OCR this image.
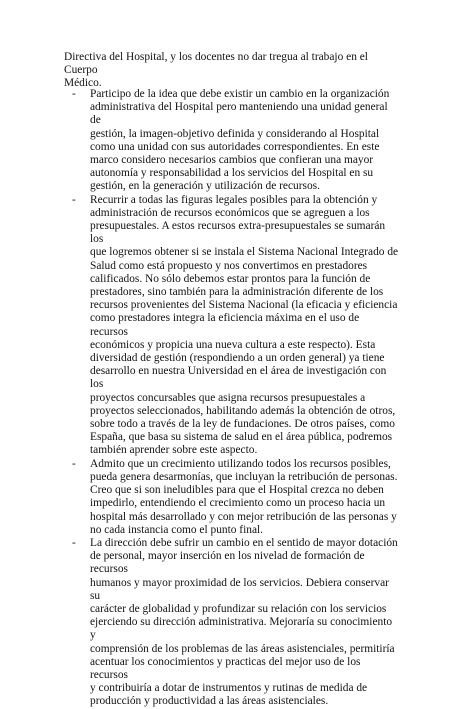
Directiva del Hospital, y los docentes no dar tregua al trabajo en el Cuerpo
Médico.

- Participo de la idea que debe existir un cambio en la organización
administrativa del Hospital pero manteniendo una unidad general de
gestión, la imagen-objetivo definida y considerando al Hospital
como una unidad con sus autoridades correspondientes. En este
marco considero necesarios cambios que confieran una mayor
autonomía y responsabilidad a los servicios del Hospital en su
gestión, en la generación y utilización de recursos.
- Recurrir a todas las figuras legales posibles para la obtención y
administración de recursos económicos que se agreguen a los
presupuestales. A estos recursos extra-presupuestales se sumarán los
que logremos obtener si se instala el Sistema Nacional Integrado de
Salud como está propuesto y nos convertimos en prestadores
calificados. No sólo debemos estar prontos para la función de
prestadores, sino también para la administración diferente de los
recursos provenientes del Sistema Nacional (la eficacia y eficiencia
como prestadores integra la eficiencia máxima en el uso de recursos
económicos y propicia una nueva cultura a este respecto). Esta
diversidad de gestión (respondiendo a un orden general) ya tiene
desarrollo en nuestra Universidad en el área de investigación con los
proyectos concursables que asigna recursos presupuestales a
proyectos seleccionados, habilitando además la obtención de otros,
sobre todo a través de la ley de fundaciones. De otros países, como
España, que basa su sistema de salud en el área pública, podremos
también aprender sobre este aspecto.
- Admito que un crecimiento utilizando todos los recursos posibles,
pueda genera desarmonías, que incluyan la retribución de personas.
Creo que si son ineludibles para que el Hospital crezca no deben
impedirlo, entendiendo el crecimiento como un proceso hacia un
hospital más desarrollado y con mejor retribución de las personas y
no cada instancia como el punto final.
- La dirección debe sufrir un cambio en el sentido de mayor dotación
de personal, mayor inserción en los nivelad de formación de recursos
humanos y mayor proximidad de los servicios. Debiera conservar su
carácter de globalidad y profundizar su relación con los servicios
ejerciendo su dirección administrativa. Mejoraría su conocimiento y
comprensión de los problemas de las áreas asistenciales, permitiría
acentuar los conocimientos y practicas del mejor uso de los recursos
y contribuiría a dotar de instrumentos y rutinas de medida de
producción y productividad a las áreas asistenciales.
